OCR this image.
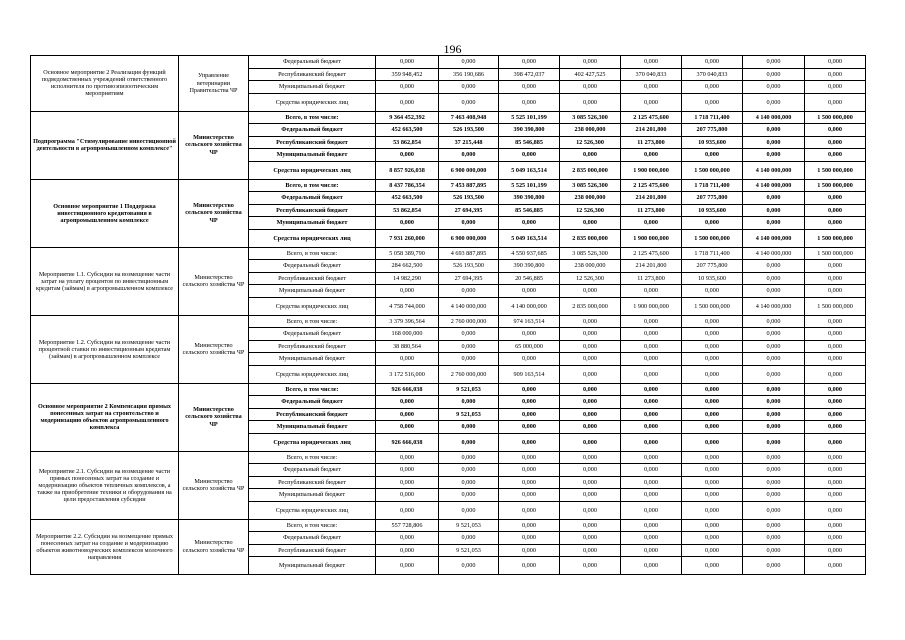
196
Основное мероприятие 2 Реализация функций подведомственных учреждений ответственного исполнителя по противоэпизоотическим мероприятиям	Управление ветеринарии Правительства ЧР	Федеральный бюджет	0,000	0,000	0,000	0,000	0,000	0,000	0,000	0,000
		Республиканский бюджет	359 948,452	356 190,686	398 472,037	402 427,525	370 040,833	370 040,833	0,000	0,000
		Муниципальный бюджет	0,000	0,000	0,000	0,000	0,000	0,000	0,000	0,000
		Средства юридических лиц	0,000	0,000	0,000	0,000	0,000	0,000	0,000	0,000
Подпрограмма "Стимулирование инвестиционной деятельности в агропромышленном комплексе"	Министерство сельского хозяйства ЧР	Всего, в том числе:	9 364 452,392	7 463 408,948	5 525 101,199	3 085 526,300	2 125 475,600	1 718 711,400	4 140 000,000	1 500 000,000
		Федеральный бюджет	452 663,500	526 193,500	390 390,800	238 000,000	214 201,800	207 775,800	0,000	0,000
		Республиканский бюджет	53 862,854	37 215,448	85 546,885	12 526,300	11 273,800	10 935,600	0,000	0,000
		Муниципальный бюджет	0,000	0,000	0,000	0,000	0,000	0,000	0,000	0,000
		Средства юридических лиц	8 857 926,038	6 900 000,000	5 049 163,514	2 835 000,000	1 900 000,000	1 500 000,000	4 140 000,000	1 500 000,000
Основное мероприятие 1 Поддержка инвестиционного кредитования в агропромышленном комплексе	Министерство сельского хозяйства ЧР	Всего, в том числе:	8 437 786,354	7 453 887,895	5 525 101,199	3 085 526,300	2 125 475,600	1 718 711,400	4 140 000,000	1 500 000,000
		Федеральный бюджет	452 663,500	526 193,500	390 390,800	238 000,000	214 201,800	207 775,800	0,000	0,000
		Республиканский бюджет	53 862,854	27 694,395	85 546,885	12 526,300	11 273,800	10 935,600	0,000	0,000
		Муниципальный бюджет	0,000	0,000	0,000	0,000	0,000	0,000	0,000	0,000
		Средства юридических лиц	7 931 260,000	6 900 000,000	5 049 163,514	2 835 000,000	1 900 000,000	1 500 000,000	4 140 000,000	1 500 000,000
Мероприятие 1.1. Субсидии на возмещение части затрат на уплату процентов по инвестиционным кредитам (займам) в агропромышленном комплексе	Министерство сельского хозяйства ЧР	Всего, в том числе:	5 058 389,790	4 693 887,895	4 550 937,685	3 085 526,300	2 125 475,600	1 718 711,400	4 140 000,000	1 500 000,000
		Федеральный бюджет	284 662,500	526 193,500	390 390,800	238 000,000	214 201,800	207 775,800	0,000	0,000
		Республиканский бюджет	14 982,290	27 694,395	20 546,885	12 526,300	11 273,800	10 935,600	0,000	0,000
		Муниципальный бюджет	0,000	0,000	0,000	0,000	0,000	0,000	0,000	0,000
		Средства юридических лиц	4 758 744,000	4 140 000,000	4 140 000,000	2 835 000,000	1 900 000,000	1 500 000,000	4 140 000,000	1 500 000,000
Мероприятие 1.2. Субсидии на возмещение части процентной ставки по инвестиционным кредитам (займам) в агропромышленном комплексе	Министерство сельского хозяйства ЧР	Всего, в том числе:	3 379 396,564	2 760 000,000	974 163,514	0,000	0,000	0,000	0,000	0,000
		Федеральный бюджет	168 000,000	0,000	0,000	0,000	0,000	0,000	0,000	0,000
		Республиканский бюджет	38 880,564	0,000	65 000,000	0,000	0,000	0,000	0,000	0,000
		Муниципальный бюджет	0,000	0,000	0,000	0,000	0,000	0,000	0,000	0,000
		Средства юридических лиц	3 172 516,000	2 760 000,000	909 163,514	0,000	0,000	0,000	0,000	0,000
Основное мероприятие 2 Компенсация прямых понесенных затрат на строительство и модернизацию объектов агропромышленного комплекса	Министерство сельского хозяйства ЧР	Всего, в том числе:	926 666,038	9 521,053	0,000	0,000	0,000	0,000	0,000	0,000
		Федеральный бюджет	0,000	0,000	0,000	0,000	0,000	0,000	0,000	0,000
		Республиканский бюджет	0,000	9 521,053	0,000	0,000	0,000	0,000	0,000	0,000
		Муниципальный бюджет	0,000	0,000	0,000	0,000	0,000	0,000	0,000	0,000
		Средства юридических лиц	926 666,038	0,000	0,000	0,000	0,000	0,000	0,000	0,000
Мероприятие 2.1. Субсидии на возмещение части прямых понесенных затрат на создание и модернизацию объектов тепличных комплексов, а также на приобретение техники и оборудования на цели предоставления субсидии	Министерство сельского хозяйства ЧР	Всего, в том числе:	0,000	0,000	0,000	0,000	0,000	0,000	0,000	0,000
		Федеральный бюджет	0,000	0,000	0,000	0,000	0,000	0,000	0,000	0,000
		Республиканский бюджет	0,000	0,000	0,000	0,000	0,000	0,000	0,000	0,000
		Муниципальный бюджет	0,000	0,000	0,000	0,000	0,000	0,000	0,000	0,000
		Средства юридических лиц	0,000	0,000	0,000	0,000	0,000	0,000	0,000	0,000
Мероприятие 2.2. Субсидии на возмещение прямых понесенных затрат на создание и модернизацию объектов животноводческих комплексов молочного направления	Министерство сельского хозяйства ЧР	Всего, в том числе:	557 728,806	9 521,053	0,000	0,000	0,000	0,000	0,000	0,000
		Федеральный бюджет	0,000	0,000	0,000	0,000	0,000	0,000	0,000	0,000
		Республиканский бюджет	0,000	9 521,053	0,000	0,000	0,000	0,000	0,000	0,000
		Муниципальный бюджет	0,000	0,000	0,000	0,000	0,000	0,000	0,000	0,000
